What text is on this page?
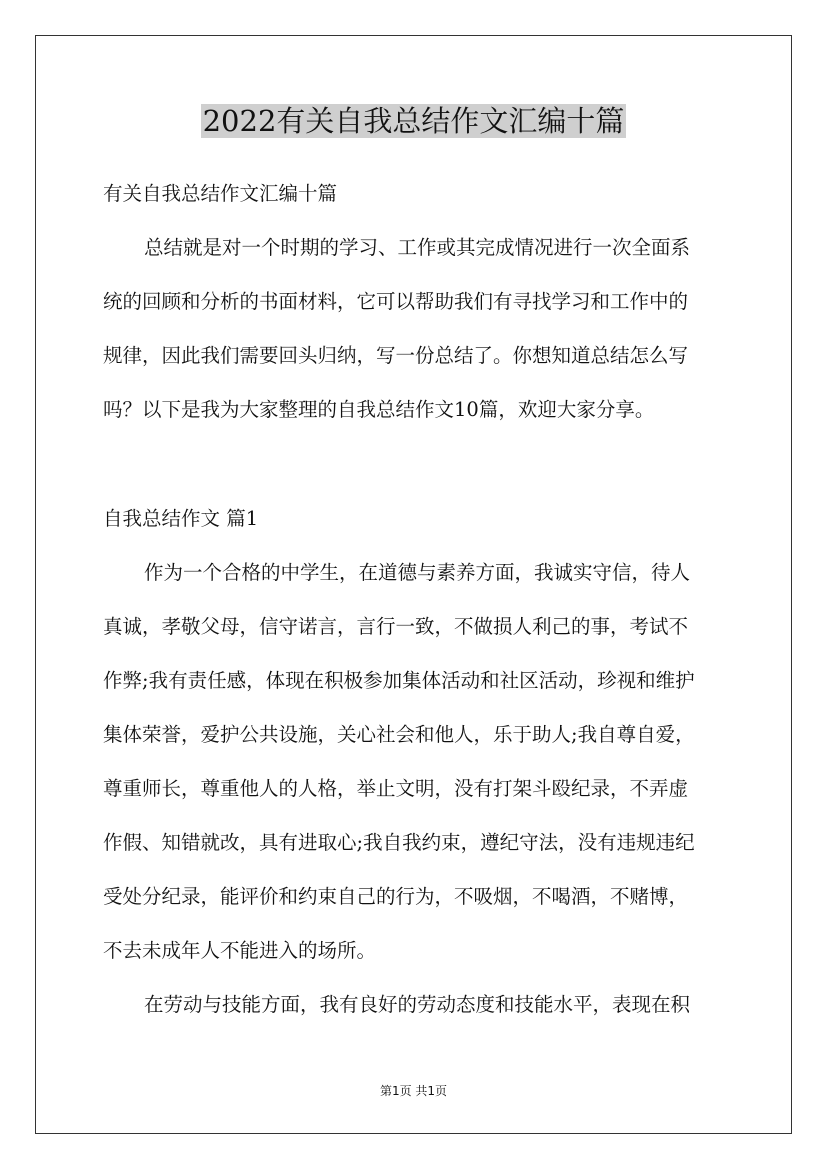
2022有关自我总结作文汇编十篇

有关自我总结作文汇编十篇

总结就是对一个时期的学习、工作或其完成情况进行一次全面系

统的回顾和分析的书面材料，它可以帮助我们有寻找学习和工作中的

规律，因此我们需要回头归纳，写一份总结了。你想知道总结怎么写

吗？以下是我为大家整理的自我总结作文10篇，欢迎大家分享。

自我总结作文 篇1

作为一个合格的中学生，在道德与素养方面，我诚实守信，待人

真诚，孝敬父母，信守诺言，言行一致，不做损人利己的事，考试不

作弊;我有责任感，体现在积极参加集体活动和社区活动，珍视和维护

集体荣誉，爱护公共设施，关心社会和他人，乐于助人;我自尊自爱，

尊重师长，尊重他人的人格，举止文明，没有打架斗殴纪录，不弄虚

作假、知错就改，具有进取心;我自我约束，遵纪守法，没有违规违纪

受处分纪录，能评价和约束自己的行为，不吸烟，不喝酒，不赌博，

不去未成年人不能进入的场所。

在劳动与技能方面，我有良好的劳动态度和技能水平，表现在积

第1页 共1页
